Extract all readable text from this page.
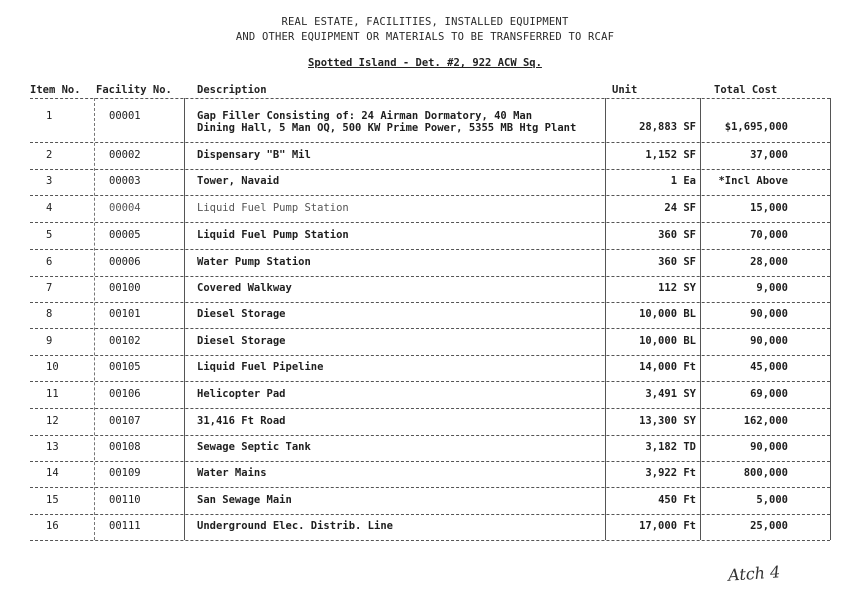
REAL ESTATE, FACILITIES, INSTALLED EQUIPMENT
AND OTHER EQUIPMENT OR MATERIALS TO BE TRANSFERRED TO RCAF
Spotted Island - Det. #2, 922 ACW Sq.
Item No. Facility No. Description	Unit	Total Cost
1	00001	Gap Filler Consisting of: 24 Airman Dormatory, 40 Man
Dining Hall, 5 Man OQ, 500 KW Prime Power, 5355 MB Htg Plant	28,883 SF	$1,695,000
2	00002	Dispensary "B" Mil	1,152 SF	37,000
3	00003	Tower, Navaid	1 Ea	*Incl Above
4	00004	Liquid Fuel Pump Station	24 SF	15,000
5	00005	Liquid Fuel Pump Station	360 SF	70,000
6	00006	Water Pump Station	360 SF	28,000
7	00100	Covered Walkway	112 SY	9,000
8	00101	Diesel Storage	10,000 BL	90,000
9	00102	Diesel Storage	10,000 BL	90,000
10	00105	Liquid Fuel Pipeline	14,000 Ft	45,000
11	00106	Helicopter Pad	3,491 SY	69,000
12	00107	31,416 Ft Road	13,300 SY	162,000
13	00108	Sewage Septic Tank	3,182 TD	90,000
14	00109	Water Mains	3,922 Ft	800,000
15	00110	San Sewage Main	450 Ft	5,000
16	00111	Underground Elec. Distrib. Line	17,000 Ft	25,000
Atch 4
